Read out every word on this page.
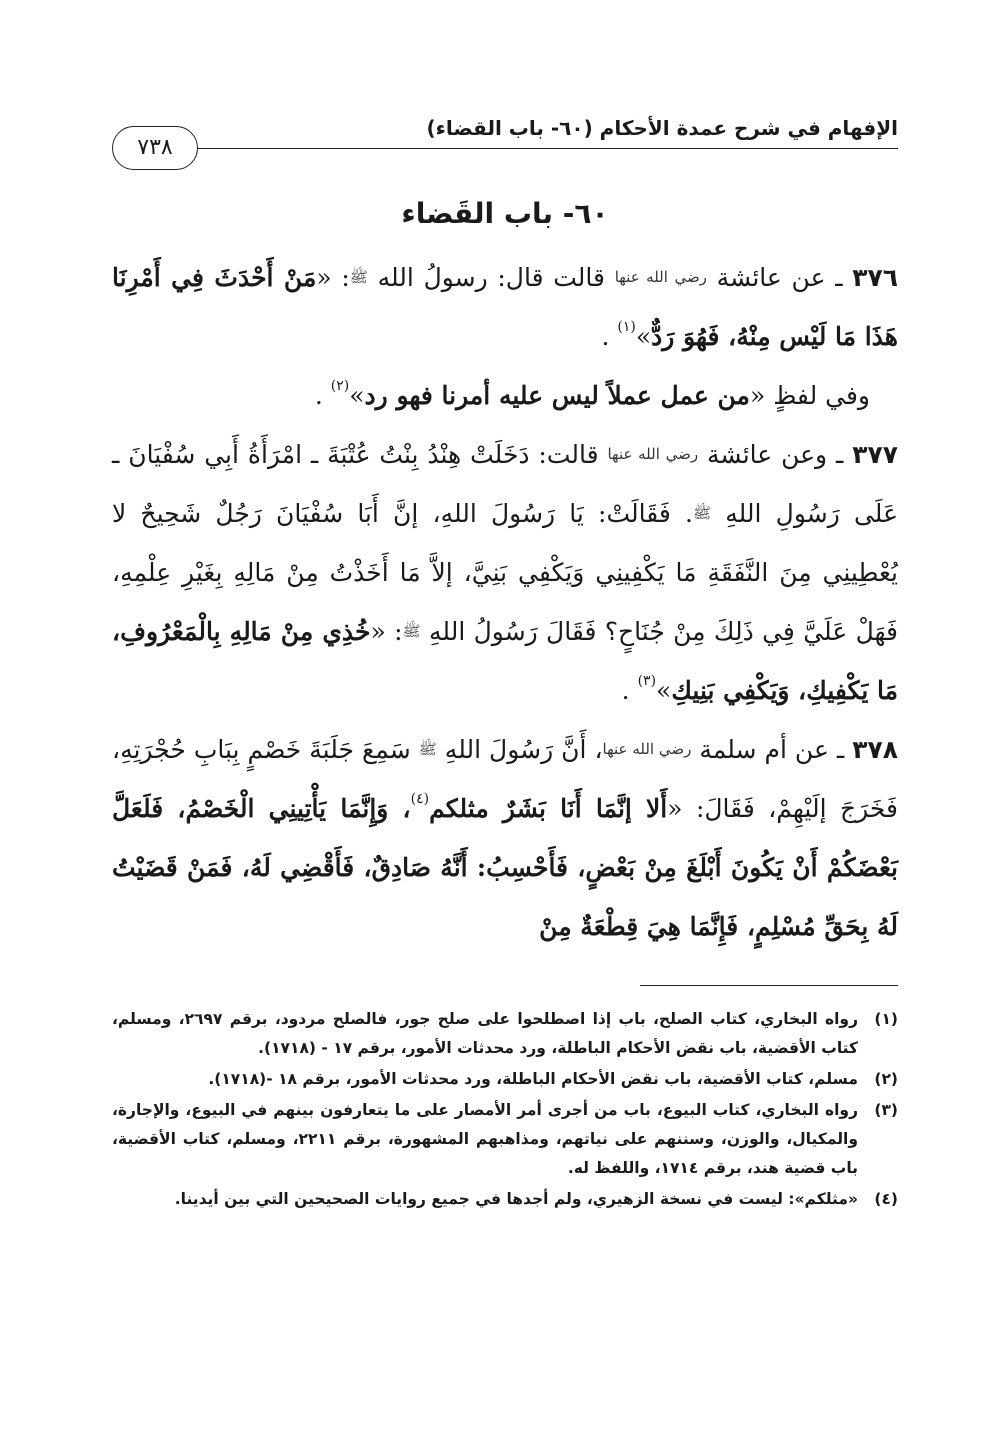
الإفهام في شرح عمدة الأحكام (٦٠- باب القضاء)
٧٣٨
٦٠- باب القَضاء

٣٧٦ ـ عن عائشة رضي الله عنها قالت قال: رسولُ الله ﷺ: «مَنْ أَحْدَثَ فِي أَمْرِنَا هَذَا مَا لَيْس مِنْهُ، فَهُوَ رَدٌّ»$^{(١)}$ .

وفي لفظٍ «من عمل عملاً ليس عليه أمرنا فهو رد»$^{(٢)}$ .

٣٧٧ ـ وعن عائشة رضي الله عنها قالت: دَخَلَتْ هِنْدُ بِنْتُ عُتْبَةَ ـ امْرَأَةُ أَبِي سُفْيَانَ ـ عَلَى رَسُولِ اللهِ ﷺ. فَقَالَتْ: يَا رَسُولَ اللهِ، إنَّ أَبَا سُفْيَانَ رَجُلٌ شَحِيحٌ لا يُعْطِينِي مِنَ النَّفَقَةِ مَا يَكْفِينِي وَيَكْفِي بَنِيَّ، إلاَّ مَا أَخَذْتُ مِنْ مَالِهِ بِغَيْرِ عِلْمِهِ، فَهَلْ عَلَيَّ فِي ذَلِكَ مِنْ جُنَاحٍ؟ فَقَالَ رَسُولُ اللهِ ﷺ: «خُذِي مِنْ مَالِهِ بِالْمَعْرُوفِ، مَا يَكْفِيكِ، وَيَكْفِي بَنِيكِ»$^{(٣)}$ .

٣٧٨ ـ عن أم سلمة رضي الله عنها، أَنَّ رَسُولَ اللهِ ﷺ سَمِعَ جَلَبَةَ خَصْمٍ بِبَابِ حُجْرَتِهِ، فَخَرَجَ إلَيْهِمْ، فَقَالَ: «أَلا إنَّمَا أَنَا بَشَرٌ مثلكم$^{(٤)}$، وَإِنَّمَا يَأْتِينِي الْخَصْمُ، فَلَعَلَّ بَعْضَكُمْ أَنْ يَكُونَ أَبْلَغَ مِنْ بَعْضٍ، فَأَحْسِبُ: أَنَّهُ صَادِقٌ، فَأَقْضِي لَهُ، فَمَنْ قَضَيْتُ لَهُ بِحَقِّ مُسْلِمٍ، فَإِنَّمَا هِيَ قِطْعَةٌ مِنْ

(١)
رواه البخاري، كتاب الصلح، باب إذا اصطلحوا على صلح جور، فالصلح مردود، برقم ٢٦٩٧، ومسلم، كتاب الأقضية، باب نقض الأحكام الباطلة، ورد محدثات الأمور، برقم ١٧ - (١٧١٨).

(٢)
مسلم، كتاب الأقضية، باب نقض الأحكام الباطلة، ورد محدثات الأمور، برقم ١٨ -(١٧١٨).

(٣)
رواه البخاري، كتاب البيوع، باب من أجرى أمر الأمصار على ما يتعارفون بينهم في البيوع، والإجارة، والمكيال، والوزن، وسننهم على نياتهم، ومذاهبهم المشهورة، برقم ٢٢١١، ومسلم، كتاب الأقضية، باب قضية هند، برقم ١٧١٤، واللفظ له.

(٤)
«مثلكم»: ليست في نسخة الزهيري، ولم أجدها في جميع روايات الصحيحين التي بين أيدينا.
